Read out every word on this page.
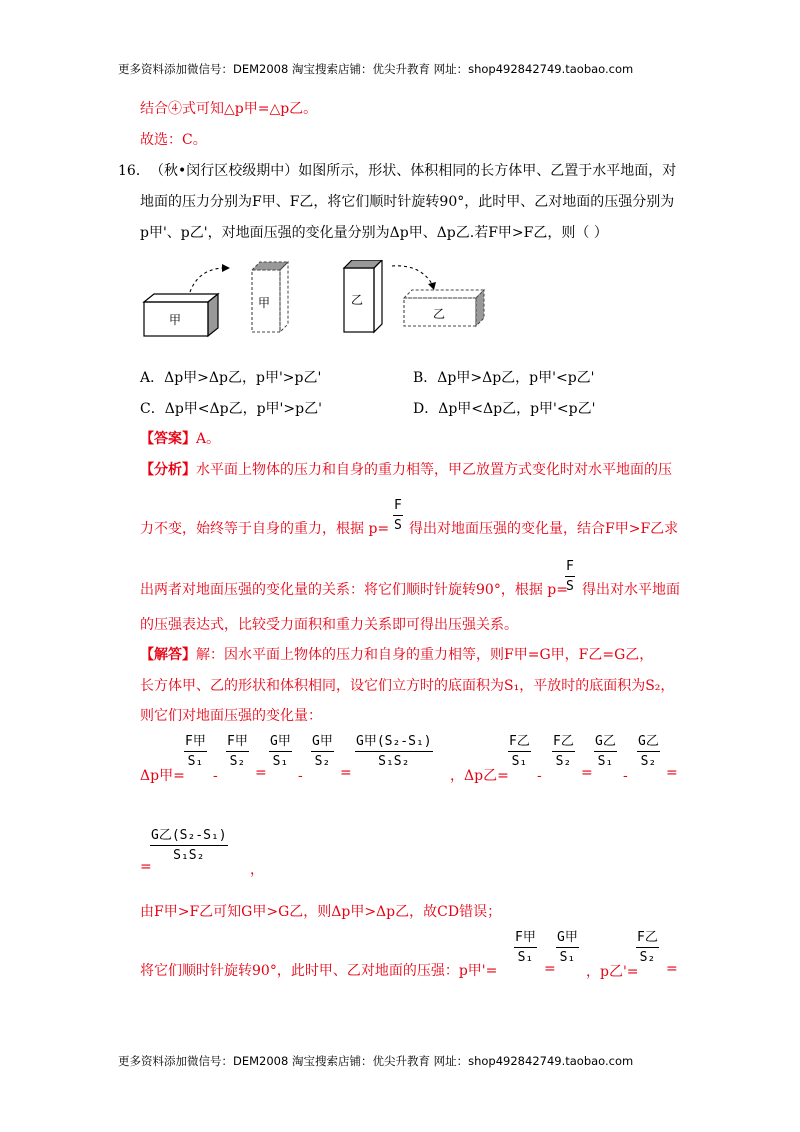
更多资料添加微信号：DEM2008 淘宝搜索店铺：优尖升教育 网址：shop492842749.taobao.com
结合④式可知△p甲=△p乙。
故选：C。
16． （秋•闵行区校级期中）如图所示，形状、体积相同的长方体甲、乙置于水平地面，对
地面的压力分别为F甲、F乙，将它们顺时针旋转90°，此时甲、乙对地面的压强分别为
p甲'、p乙'，对地面压强的变化量分别为Δp甲、Δp乙.若F甲>F乙，则（ ）
甲
甲	乙
乙
A．Δp甲>Δp乙，p甲'>p乙'	B．Δp甲>Δp乙，p甲'<p乙'
C．Δp甲<Δp乙，p甲'>p乙'	D．Δp甲<Δp乙，p甲'<p乙'
【答案】A。
【分析】水平面上物体的压力和自身的重力相等，甲乙放置方式变化时对水平地面的压
力不变，始终等于自身的重力，根据 p=
F
S 得出对地面压强的变化量，结合F甲>F乙求
出两者对地面压强的变化量的关系：将它们顺时针旋转90°，根据 p=
F
S 得出对水平地面
的压强表达式，比较受力面积和重力关系即可得出压强关系。
【解答】解：因水平面上物体的压力和自身的重力相等，则F甲=G甲，F乙=G乙，
长方体甲、乙的形状和体积相同，设它们立方时的底面积为S₁，平放时的底面积为S₂，
则它们对地面压强的变化量：
Δp甲=
F甲
S₁
-
F甲
S₂
=
G甲
S₁
-
G甲
S₂
=
G甲(S₂-S₁)
S₁S₂
，Δp乙=
F乙
S₁
-
F乙
S₂
=
G乙
S₁
-
G乙
S₂
=
=
G乙(S₂-S₁)
S₁S₂
，
由F甲>F乙可知G甲>G乙，则Δp甲>Δp乙，故CD错误；
将它们顺时针旋转90°，此时甲、乙对地面的压强：p甲'=
F甲
S₁
=
G甲
S₁
，p乙'=
F乙
S₂
=
更多资料添加微信号：DEM2008 淘宝搜索店铺：优尖升教育 网址：shop492842749.taobao.com
